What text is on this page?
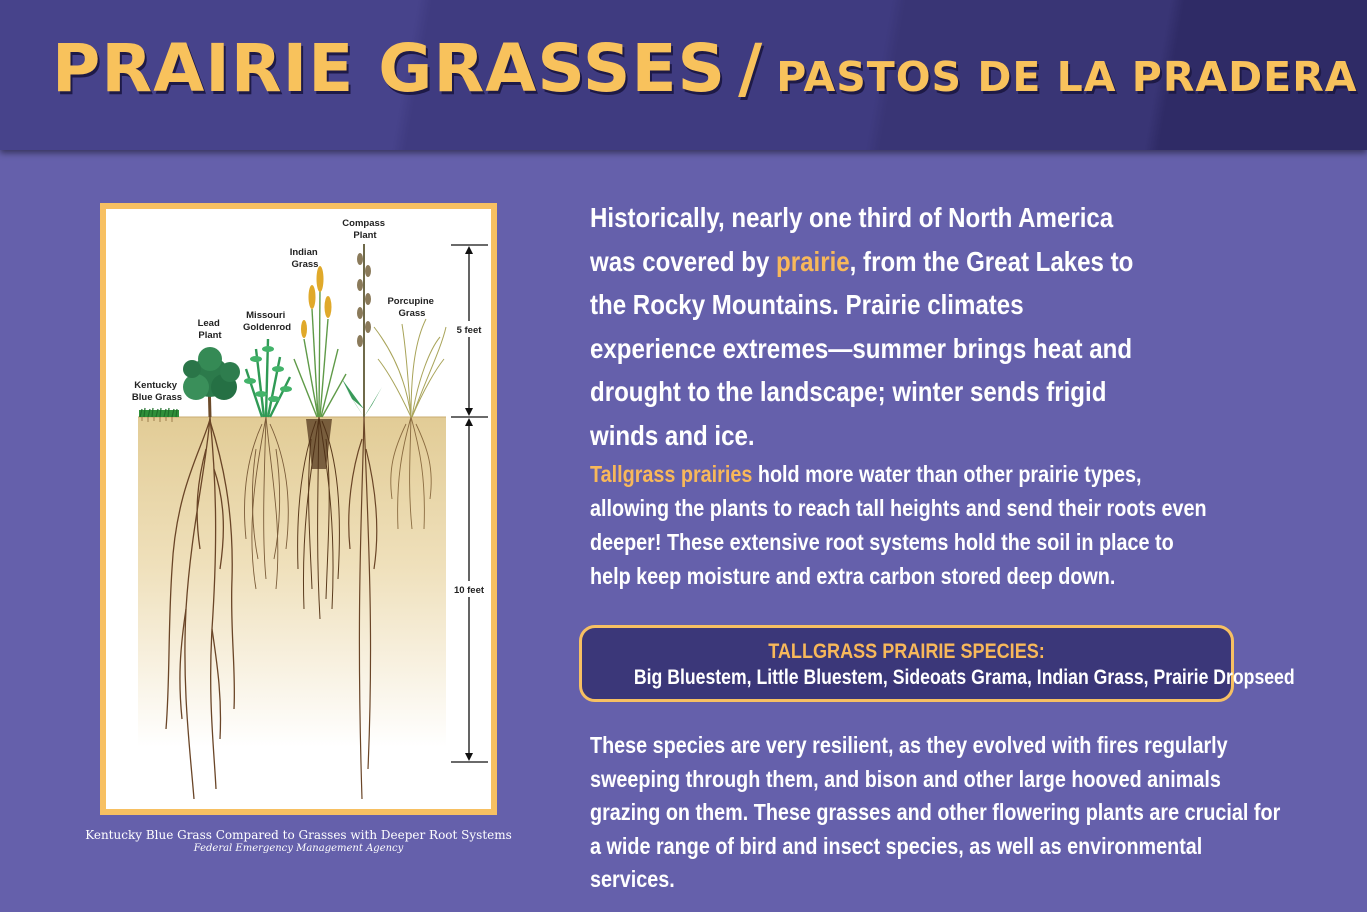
PRAIRIE GRASSES / PASTOS DE LA PRADERA
5 feet
10 feet
Kentucky Blue Grass
Lead Plant
Missouri Goldenrod
Indian Grass
Compass Plant
Porcupine Grass
Kentucky Blue Grass Compared to Grasses with Deeper Root Systems
Federal Emergency Management Agency
Historically, nearly one third of North America was covered by prairie, from the Great Lakes to the Rocky Mountains. Prairie climates experience extremes—summer brings heat and drought to the landscape; winter sends frigid winds and ice.
Tallgrass prairies hold more water than other prairie types, allowing the plants to reach tall heights and send their roots even deeper! These extensive root systems hold the soil in place to help keep moisture and extra carbon stored deep down.
TALLGRASS PRAIRIE SPECIES:
Big Bluestem, Little Bluestem, Sideoats Grama, Indian Grass, Prairie Dropseed
These species are very resilient, as they evolved with fires regularly sweeping through them, and bison and other large hooved animals grazing on them. These grasses and other flowering plants are crucial for a wide range of bird and insect species, as well as environmental services.
